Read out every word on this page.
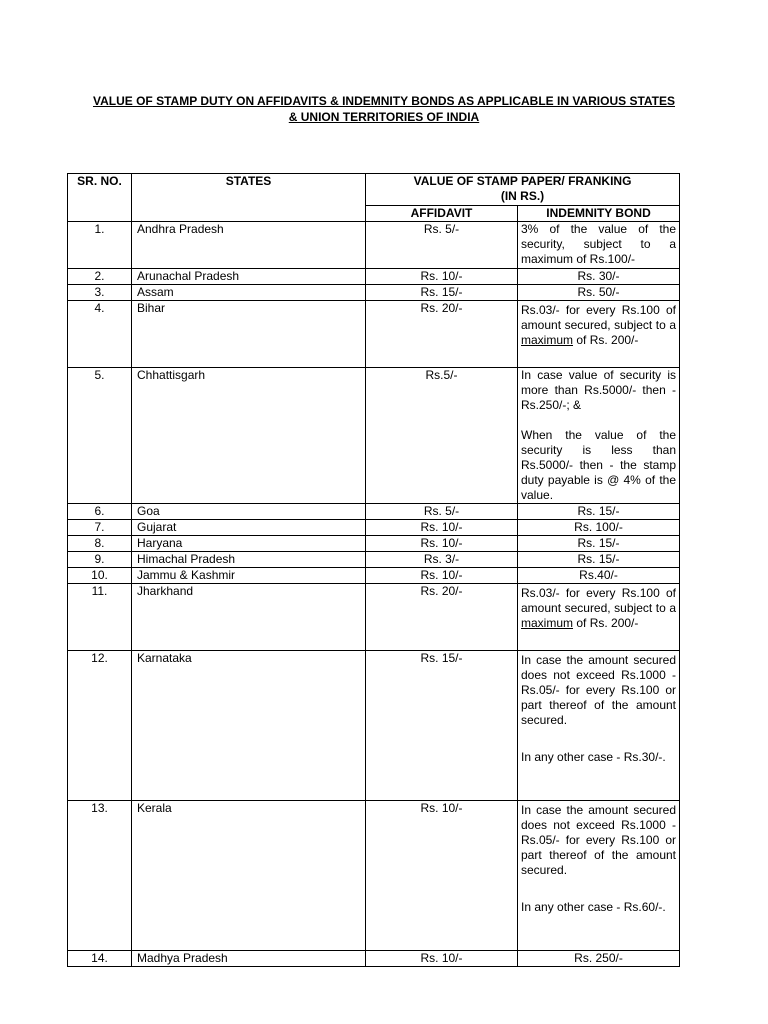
VALUE OF STAMP DUTY ON AFFIDAVITS & INDEMNITY BONDS AS APPLICABLE IN VARIOUS STATES
& UNION TERRITORIES OF INDIA
SR. NO.	STATES	VALUE OF STAMP PAPER/ FRANKING
(IN RS.)	

		AFFIDAVIT	INDEMNITY BOND
1.	Andhra Pradesh	Rs. 5/-	3% of the value of the security, subject to a maximum of Rs.100/-
2.	Arunachal Pradesh	Rs. 10/-	Rs. 30/-
3.	Assam	Rs. 15/-	Rs. 50/-
4.	Bihar	Rs. 20/-	Rs.03/- for every Rs.100 of amount secured, subject to a maximum of Rs. 200/-
5.	Chhattisgarh	Rs.5/-	In case value of security is more than Rs.5000/- then - Rs.250/-; &
When the value of the security is less than Rs.5000/- then - the stamp duty payable is @ 4% of the value.

6.	Goa	Rs. 5/-	Rs. 15/-
7.	Gujarat	Rs. 10/-	Rs. 100/-
8.	Haryana	Rs. 10/-	Rs. 15/-
9.	Himachal Pradesh	Rs. 3/-	Rs. 15/-
10.	Jammu & Kashmir	Rs. 10/-	Rs.40/-
11.	Jharkhand	Rs. 20/-	Rs.03/- for every Rs.100 of amount secured, subject to a maximum of Rs. 200/-
12.	Karnataka	Rs. 15/-	In case the amount secured does not exceed Rs.1000 - Rs.05/- for every Rs.100 or part thereof of the amount secured.
In any other case - Rs.30/-.

13.	Kerala	Rs. 10/-	In case the amount secured does not exceed Rs.1000 - Rs.05/- for every Rs.100 or part thereof of the amount secured.
In any other case - Rs.60/-.

14.	Madhya Pradesh	Rs. 10/-	Rs. 250/-
